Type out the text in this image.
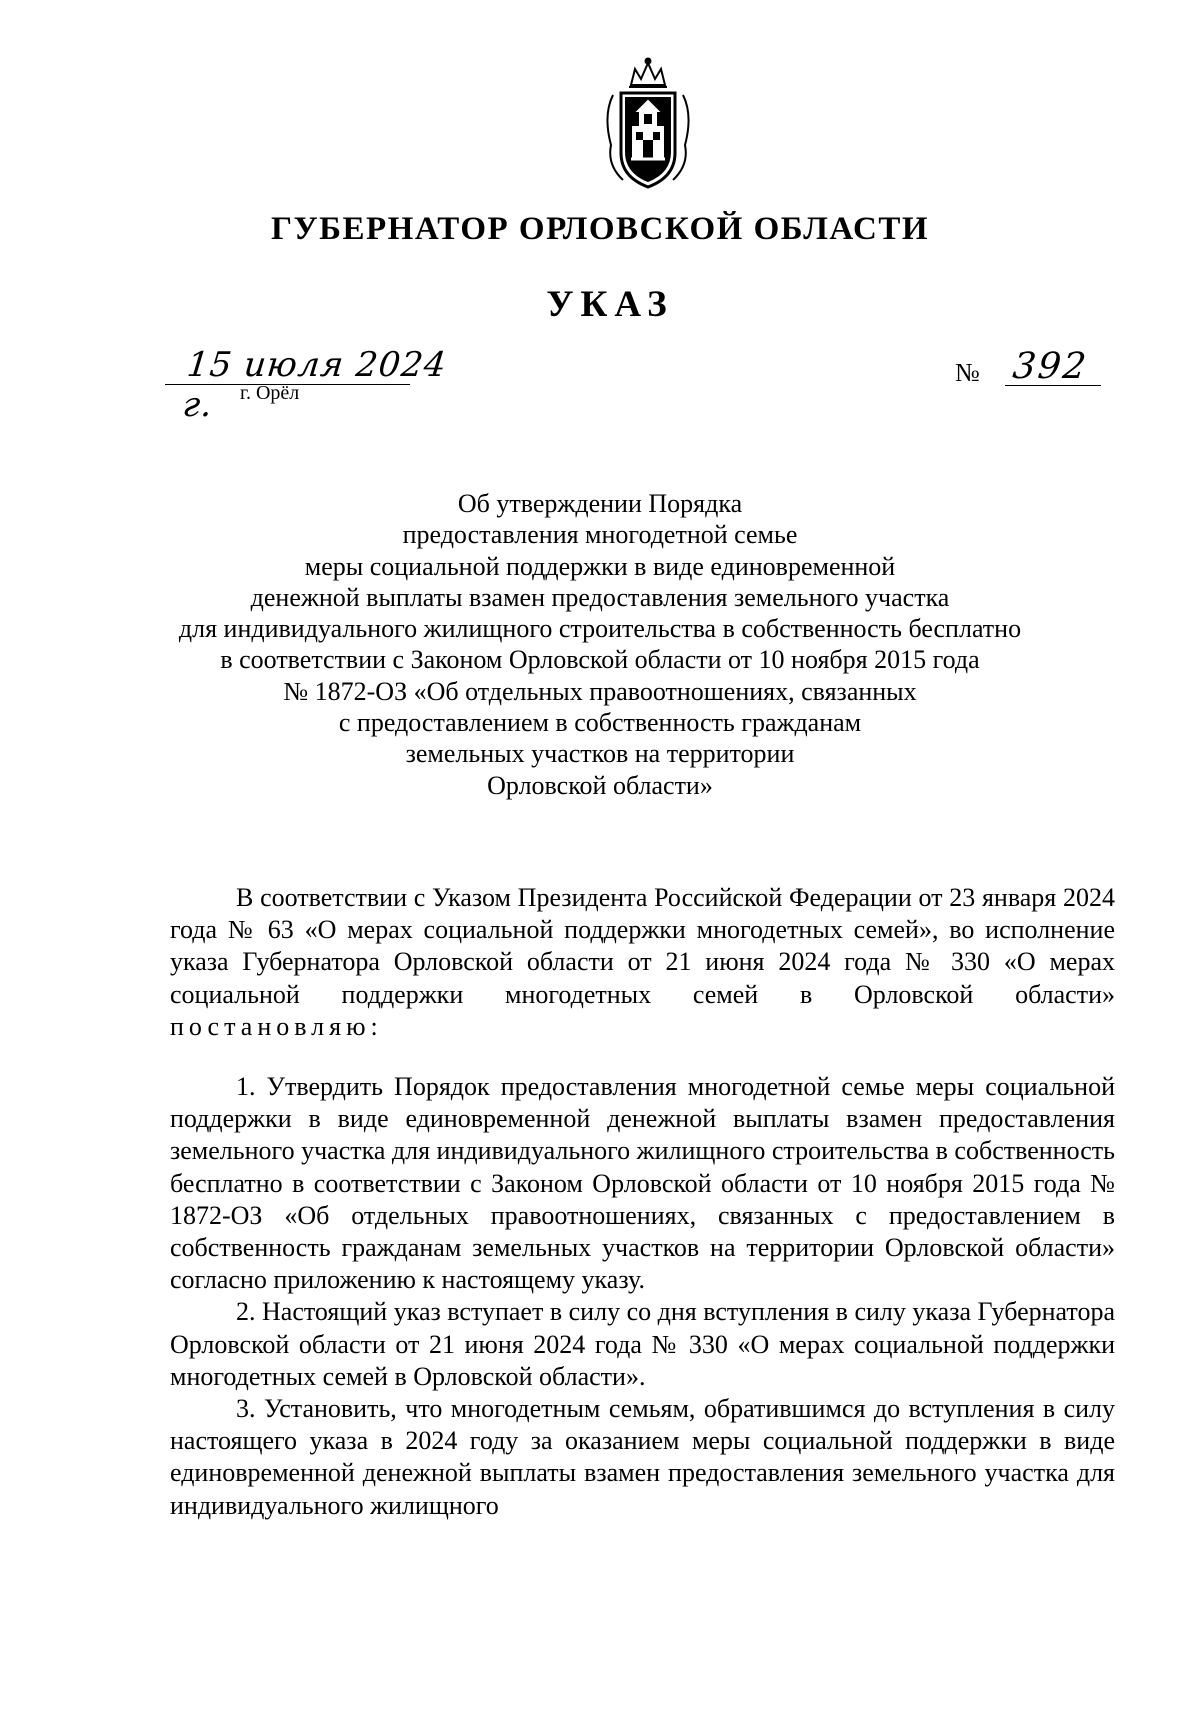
ГУБЕРНАТОР ОРЛОВСКОЙ ОБЛАСТИ
УКАЗ
15 июля 2024 г.	г. Орёл
№ 392
Об утверждении Порядка
предоставления многодетной семье
меры социальной поддержки в виде единовременной
денежной выплаты взамен предоставления земельного участка
для индивидуального жилищного строительства в собственность бесплатно
в соответствии с Законом Орловской области от 10 ноября 2015 года
№ 1872-ОЗ «Об отдельных правоотношениях, связанных
с предоставлением в собственность гражданам
земельных участков на территории
Орловской области»

В соответствии с Указом Президента Российской Федерации от 23 января 2024 года № 63 «О мерах социальной поддержки многодетных семей», во исполнение указа Губернатора Орловской области от 21 июня 2024 года № 330 «О мерах социальной поддержки многодетных семей в Орловской области» постановляю:

1. Утвердить Порядок предоставления многодетной семье меры социальной поддержки в виде единовременной денежной выплаты взамен предоставления земельного участка для индивидуального жилищного строительства в собственность бесплатно в соответствии с Законом Орловской области от 10 ноября 2015 года № 1872-ОЗ «Об отдельных правоотношениях, связанных с предоставлением в собственность гражданам земельных участков на территории Орловской области» согласно приложению к настоящему указу.

2. Настоящий указ вступает в силу со дня вступления в силу указа Губернатора Орловской области от 21 июня 2024 года № 330 «О мерах социальной поддержки многодетных семей в Орловской области».

3. Установить, что многодетным семьям, обратившимся до вступления в силу настоящего указа в 2024 году за оказанием меры социальной поддержки в виде единовременной денежной выплаты взамен предоставления земельного участка для индивидуального жилищного
